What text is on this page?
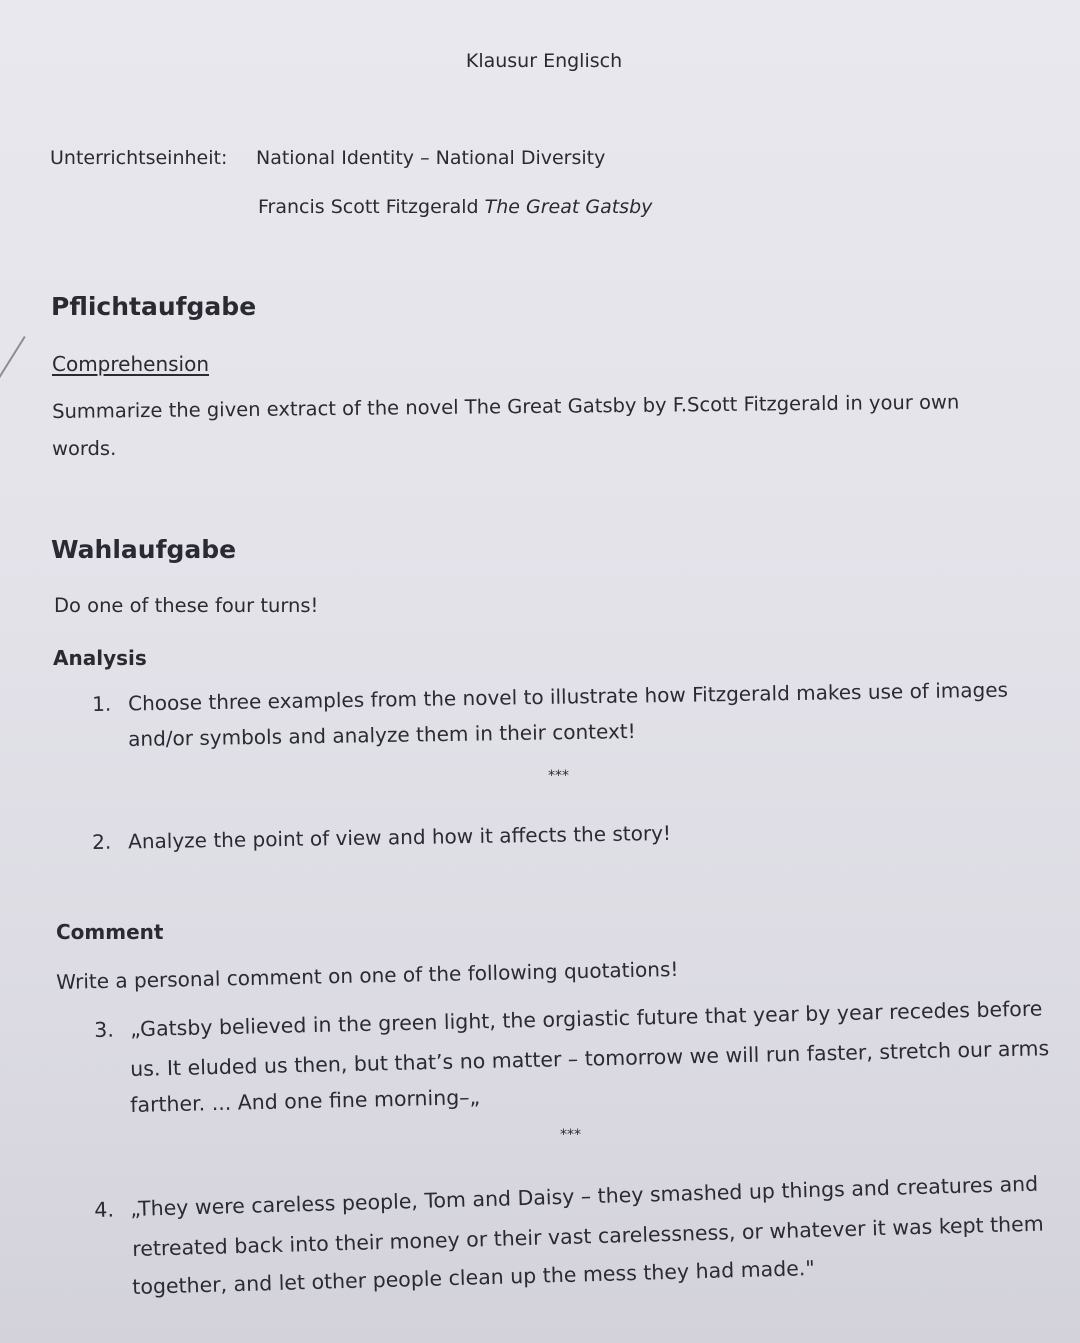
Klausur Englisch
Unterrichtseinheit: National Identity – National Diversity
Francis Scott Fitzgerald The Great Gatsby
Pflichtaufgabe
Comprehension
Summarize the given extract of the novel The Great Gatsby by F.Scott Fitzgerald in your own
words.
Wahlaufgabe
Do one of these four turns!
Analysis
1. Choose three examples from the novel to illustrate how Fitzgerald makes use of images
and/or symbols and analyze them in their context!
***
2. Analyze the point of view and how it affects the story!
Comment
Write a personal comment on one of the following quotations!
3. „Gatsby believed in the green light, the orgiastic future that year by year recedes before
us. It eluded us then, but that’s no matter – tomorrow we will run faster, stretch our arms
farther. ... And one fine morning–„
***
4. „They were careless people, Tom and Daisy – they smashed up things and creatures and
retreated back into their money or their vast carelessness, or whatever it was kept them
together, and let other people clean up the mess they had made."
